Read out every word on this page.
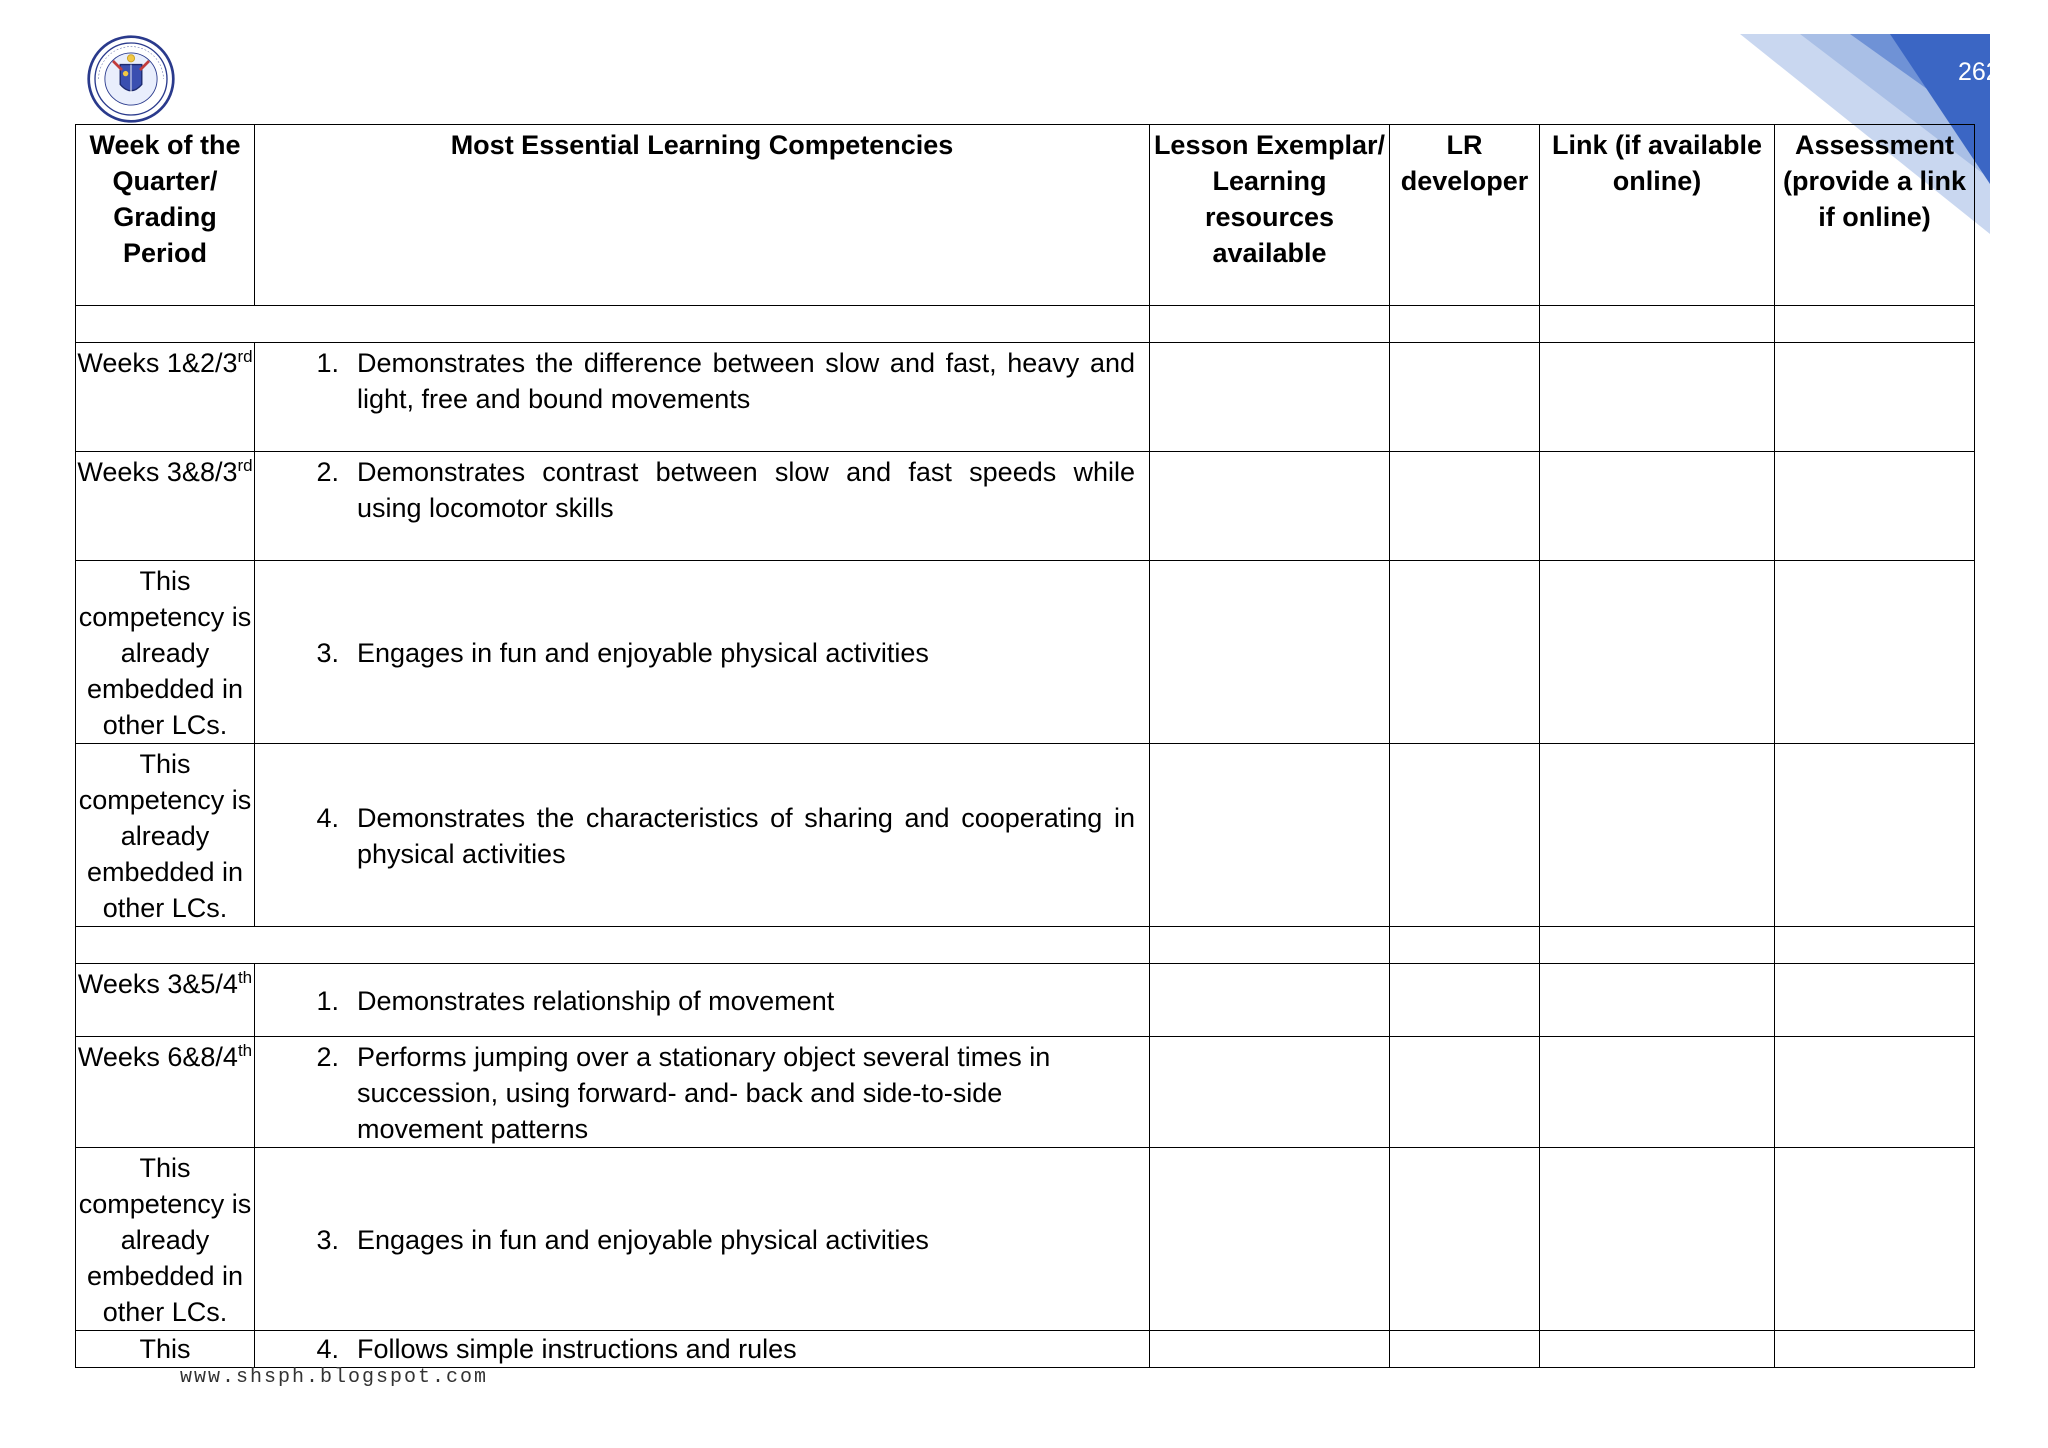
262
Week of the Quarter/ Grading Period	Most Essential Learning Competencies	Lesson Exemplar/ Learning resources available	LR developer	Link (if available online)	Assessment (provide a link if online)

Weeks 1&2/3rd	1. Demonstrates the difference between slow and fast, heavy and light, free and bound movements				

Weeks 3&8/3rd	2. Demonstrates contrast between slow and fast speeds while using locomotor skills				

This competency is already embedded in other LCs.	3. Engages in fun and enjoyable physical activities				

This competency is already embedded in other LCs.	4. Demonstrates the characteristics of sharing and cooperating in physical activities				

Weeks 3&5/4th	1. Demonstrates relationship of movement				

Weeks 6&8/4th	2. Performs jumping over a stationary object several times in succession, using forward- and- back and side-to-side movement patterns				

This competency is already embedded in other LCs.	3. Engages in fun and enjoyable physical activities				

This	4. Follows simple instructions and rules				

www.shsph.blogspot.com
